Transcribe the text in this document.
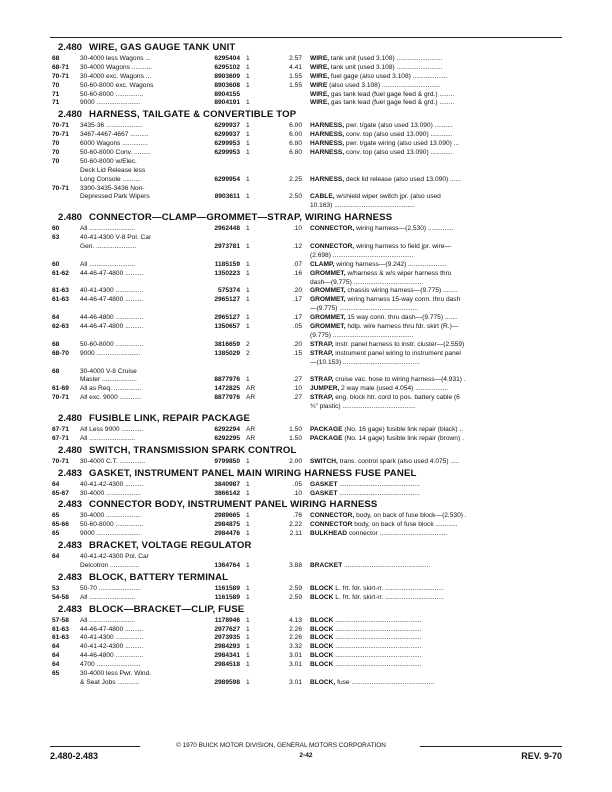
2.480 WIRE, GAS GAUGE TANK UNIT
68	30-4000 less Wagons ...	6295404 1	2.57 WIRE, tank unit (used 3.108) .........................
68-71	30-4000 Wagons ...........	6295102 1	4.41 WIRE, tank unit (used 3.108) .........................
70-71	30-4000 exc. Wagons ...	8903609 1	1.55 WIRE, fuel gage (also used 3.108) ...................
70	50-60-8000 exc. Wagons	8903608 1	1.55 WIRE (also used 3.108) ................................
71	50-60-8000 ...............	8904155	WIRE, gas tank lead (fuel gage feed & grd.) ........
71	9000 ........................	8904191 1	WIRE, gas tank lead (fuel gage feed & grd.) ........
2.480 HARNESS, TAILGATE & CONVERTIBLE TOP
70-71	3435-36 ....................	6299937 1	6.00 HARNESS, pwr. t/gate (also used 13.090) ..........
70-71	3467-4467-4667 ..........	6299937 1	6.00 HARNESS, conv. top (also used 13.090) ............
70	6000 Wagons ..............	6299953 1	6.80 HARNESS, pwr. t/gate wiring (also used 13.090) ...
70	50-60-8000 Conv. .........	6299953 1	6.80 HARNESS, conv. top (also used 13.090) ............
70	50-60-8000 w/Elec.
Deck Lid Release less
Long Console ..........	6299954 1	2.25 HARNESS, deck lid release (also used 13.090) ......
70-71	3300-3435-3436 Non-
Depressed Park Wipers	8903611 1	2.50 CABLE, w/shield wiper switch jpr. (also used
10.163) ............................................
2.480 CONNECTOR—CLAMP—GROMMET—STRAP, WIRING HARNESS
60	All .........................	2962448 1	.10 CONNECTOR, wiring harness—(2.530) ..............
63	40-41-4300 V-8 Pol. Car
Gen. ......................	2973781 1	.12 CONNECTOR, wiring harness to field jpr. wire—
(2.698) ............................................
60	All .........................	1185159 1	.07 CLAMP, wiring harness—(9.242) .....................
61-62	44-46-47-4800 ..........	1350223 1	.16 GROMMET, w/harness & w/s wiper harness thru
dash—(9.775) ......................................
61-63	40-41-4300 ...............	575374 1	.20 GROMMET, chassis wiring harness—(9.775) ........
61-63	44-46-47-4800 ..........	2965127 1	.17 GROMMET, wiring harness 15-way conn. thru dash
—(9.775) ...........................................
64	44-46-4800 ...............	2965127 1	.17 GROMMET, 15 way conn. thru dash—(9.775) .......
62-63	44-46-47-4800 ..........	1350657 1	.05 GROMMET, hdlp. wire harness thru fdr. skirt (R.)—
(9.775) ............................................
68	50-60-8000 ...............	3816659 2	.20 STRAP, instr. panel harness to instr. cluster—(2.559)
68-70	9000 ........................	1385029 2	.15 STRAP, instrument panel wiring to instrument panel
—(10.153) ..........................................
68	30-4000 V-8 Cruise
Master ...................	8877976 1	.27 STRAP, cruise vac. hose to wiring harness—(4.931) .
61-69	All as Req. ...............	1472825 AR	.10 JUMPER, 2 way male (used 4.054) ..................
70-71	All exc. 9000 ............	8877976 AR	.27 STRAP, eng. block htr. cord to pos. battery cable (6
¾" plastic) ........................................
2.480 FUSIBLE LINK, REPAIR PACKAGE
67-71	All Less 9000 ............	6292294 AR	1.50 PACKAGE (No. 16 gage) fusible link repair (black) ..
67-71	All .........................	6292295 AR	1.50 PACKAGE (No. 14 gage) fusible link repair (brown) .
2.480 SWITCH, TRANSMISSION SPARK CONTROL
70-71	30-4000 C.T. ..............	9799850 1	2.00 SWITCH, trans. control spark (also used 4.075) .....
2.483 GASKET, INSTRUMENT PANEL MAIN WIRING HARNESS FUSE PANEL
64	40-41-42-4300 ..........	3840987 1	.05 GASKET ............................................
65-67	30-4000 ...................	3866142 1	.10 GASKET ............................................
2.483 CONNECTOR BODY, INSTRUMENT PANEL WIRING HARNESS
65	30-4000 ...................	2989665 1	.76 CONNECTOR, body, on back of fuse block—(2.530) .
65-66	50-60-8000 ...............	2984875 1	2.22 CONNECTOR body, on back of fuse block ............
65	9000 ........................	2984476 1	2.11 BULKHEAD connector .....................................
2.483 BRACKET, VOLTAGE REGULATOR
64	40-41-42-4300 Pol. Car
Delcotron ................	1364764 1	3.88 BRACKET ...............................................
2.483 BLOCK, BATTERY TERMINAL
53	50-70 .......................	1161589 1	2.59 BLOCK L. frt. fdr. skirt-rr. ................................
54-58	All .........................	1161589 1	2.59 BLOCK L. frt. fdr. skirt-rr. ................................
2.483 BLOCK—BRACKET—CLIP, FUSE
57-58	All .........................	1178946 1	4.13 BLOCK ...............................................
61-63	44-46-47-4800 ..........	2977627 1	2.26 BLOCK ...............................................
61-63	40-41-4300 ...............	2973935 1	2.26 BLOCK ...............................................
64	40-41-42-4300 ..........	2984293 1	3.32 BLOCK ...............................................
64	44-46-4800 ...............	2984341 1	3.01 BLOCK ...............................................
64	4700 ........................	2984518 1	3.01 BLOCK ...............................................
65	30-4000 less Pwr. Wind.
& Seat Jobs ............	2989598 1	3.01 BLOCK, fuse .............................................
© 1970 BUICK MOTOR DIVISION, GENERAL MOTORS CORPORATION
2.480-2.483	2-42	REV. 9-70
